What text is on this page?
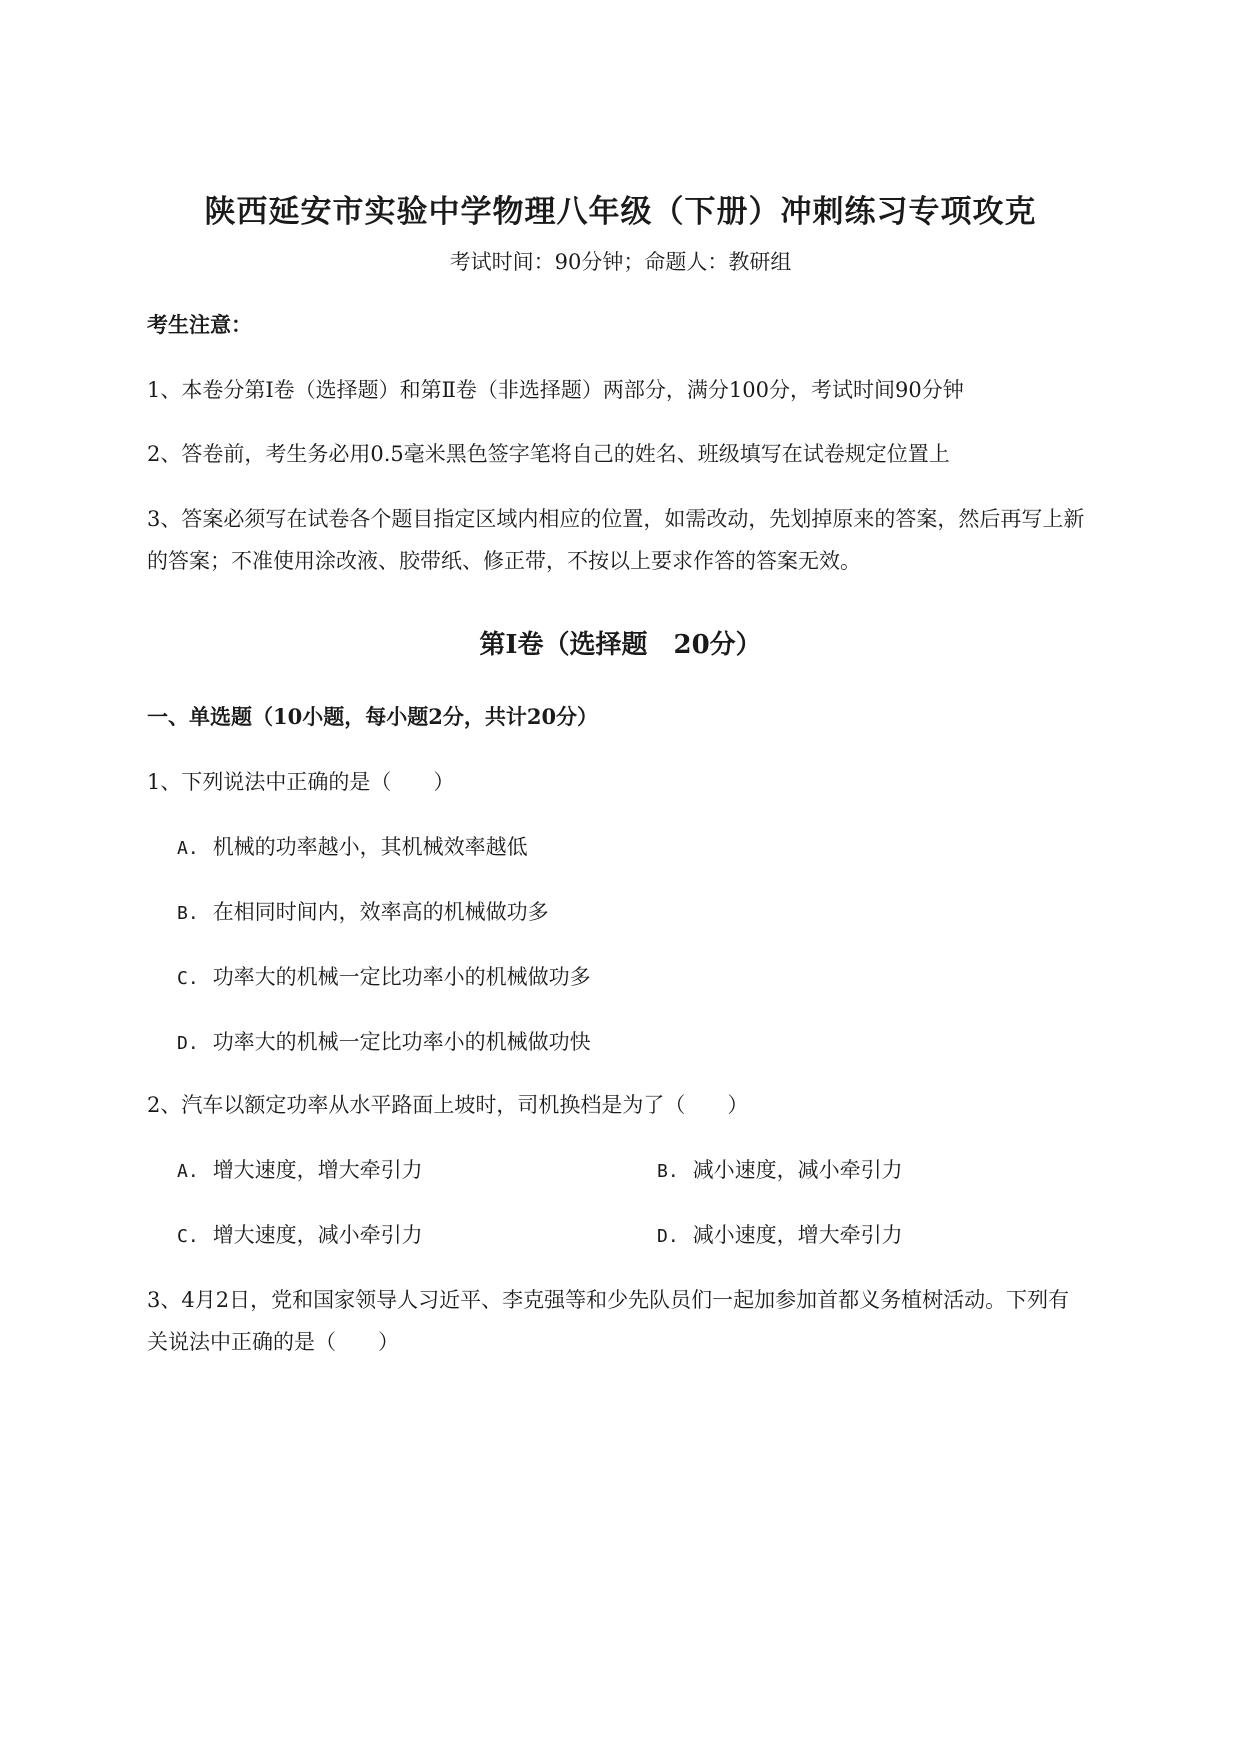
陕西延安市实验中学物理八年级（下册）冲刺练习专项攻克
考试时间：90分钟；命题人：教研组
考生注意：
1、本卷分第Ⅰ卷（选择题）和第Ⅱ卷（非选择题）两部分，满分100分，考试时间90分钟
2、答卷前，考生务必用0.5毫米黑色签字笔将自己的姓名、班级填写在试卷规定位置上
3、答案必须写在试卷各个题目指定区域内相应的位置，如需改动，先划掉原来的答案，然后再写上新
的答案；不准使用涂改液、胶带纸、修正带，不按以上要求作答的答案无效。
第Ⅰ卷（选择题　20分）
一、单选题（10小题，每小题2分，共计20分）
1、下列说法中正确的是（　　）
A. 机械的功率越小，其机械效率越低
B. 在相同时间内，效率高的机械做功多
C. 功率大的机械一定比功率小的机械做功多
D. 功率大的机械一定比功率小的机械做功快
2、汽车以额定功率从水平路面上坡时，司机换档是为了（　　）
A. 增大速度，增大牵引力	B. 减小速度，减小牵引力
C. 增大速度，减小牵引力	D. 减小速度，增大牵引力
3、4月2日，党和国家领导人习近平、李克强等和少先队员们一起加参加首都义务植树活动。下列有
关说法中正确的是（　　）
